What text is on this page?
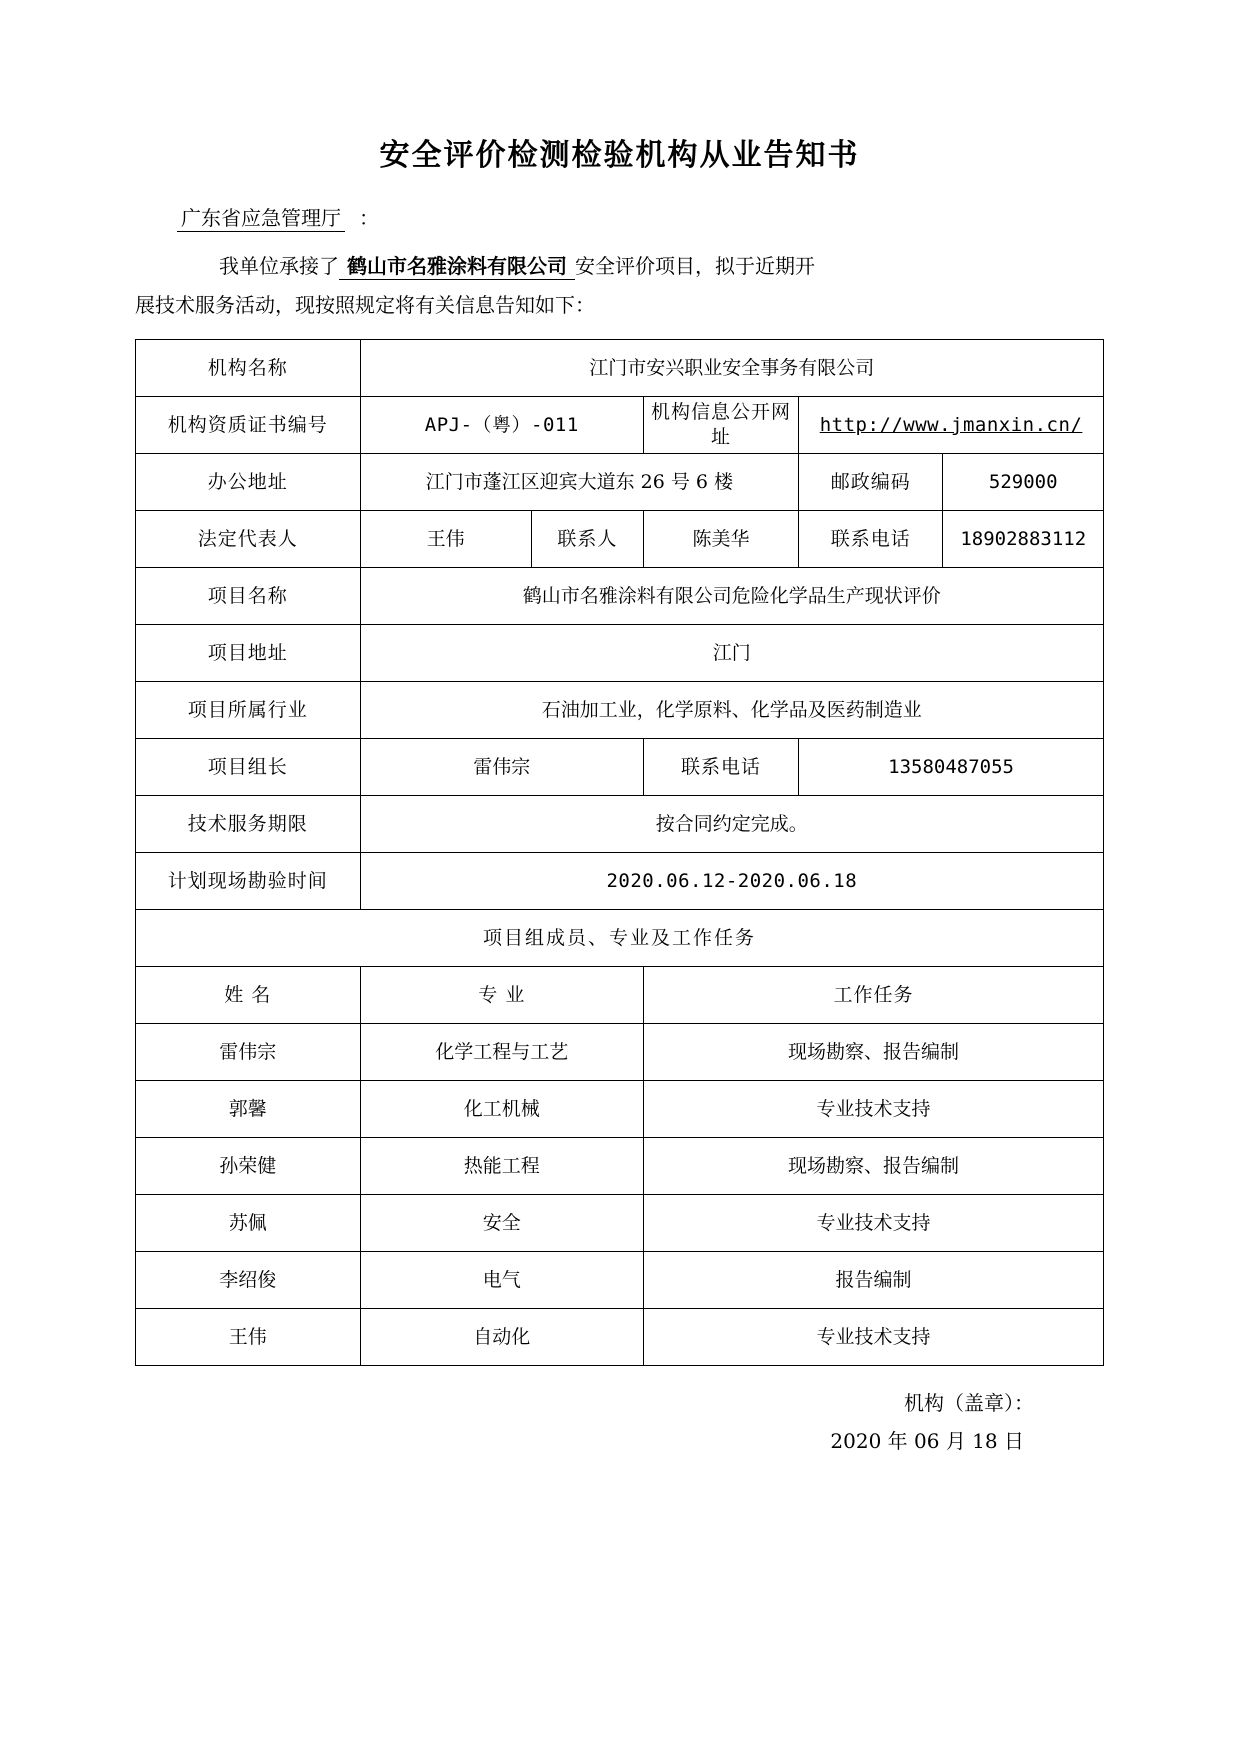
安全评价检测检验机构从业告知书
广东省应急管理厅 ：
我单位承接了 鹤山市名雅涂料有限公司 安全评价项目，拟于近期开
展技术服务活动，现按照规定将有关信息告知如下：
机构名称	江门市安兴职业安全事务有限公司				
机构资质证书编号	APJ-（粤）-011		机构信息公开网址	http://www.jmanxin.cn/	
办公地址	江门市蓬江区迎宾大道东 26 号 6 楼			邮政编码	529000
法定代表人	王伟	联系人	陈美华	联系电话	18902883112
项目名称	鹤山市名雅涂料有限公司危险化学品生产现状评价				
项目地址	江门				
项目所属行业	石油加工业，化学原料、化学品及医药制造业				
项目组长	雷伟宗		联系电话	13580487055	
技术服务期限	按合同约定完成。				
计划现场勘验时间	2020.06.12-2020.06.18				
项目组成员、专业及工作任务					
姓 名	专 业		工作任务		
雷伟宗	化学工程与工艺		现场勘察、报告编制		
郭馨	化工机械		专业技术支持		
孙荣健	热能工程		现场勘察、报告编制		
苏佩	安全		专业技术支持		
李绍俊	电气		报告编制		
王伟	自动化		专业技术支持		
机构（盖章）：
2020 年 06 月 18 日
